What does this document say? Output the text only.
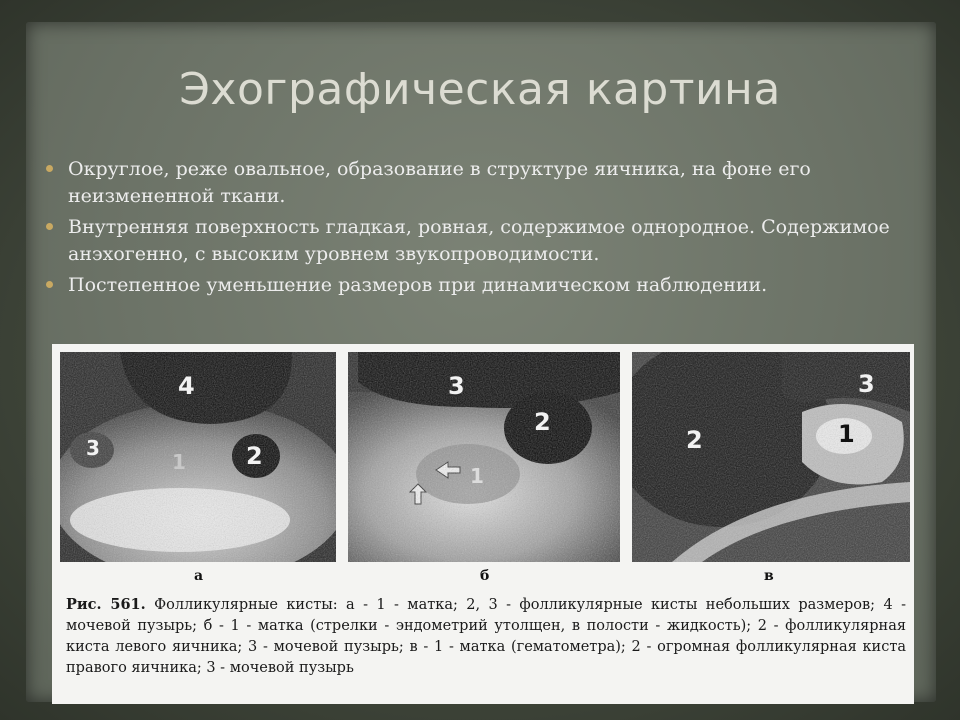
Эхографическая картина
Округлое, реже овальное, образование в структуре яичника, на фоне его неизмененной ткани.
Внутренняя поверхность гладкая, ровная, содержимое однородное. Содержимое анэхогенно, с высоким уровнем звукопроводимости.
Постепенное уменьшение размеров при динамическом наблюдении.
4
3
1	2
3
2
1
3
2	1
а	б	в
Рис. 561. Фолликулярные кисты: а - 1 - матка; 2, 3 - фолликулярные кисты небольших размеров; 4 - мочевой пузырь; б - 1 - матка (стрелки - эндометрий утолщен, в полости - жидкость); 2 - фолликулярная киста левого яичника; 3 - мочевой пузырь; в - 1 - матка (гематометра); 2 - огромная фолликулярная киста правого яичника; 3 - мочевой пузырь
